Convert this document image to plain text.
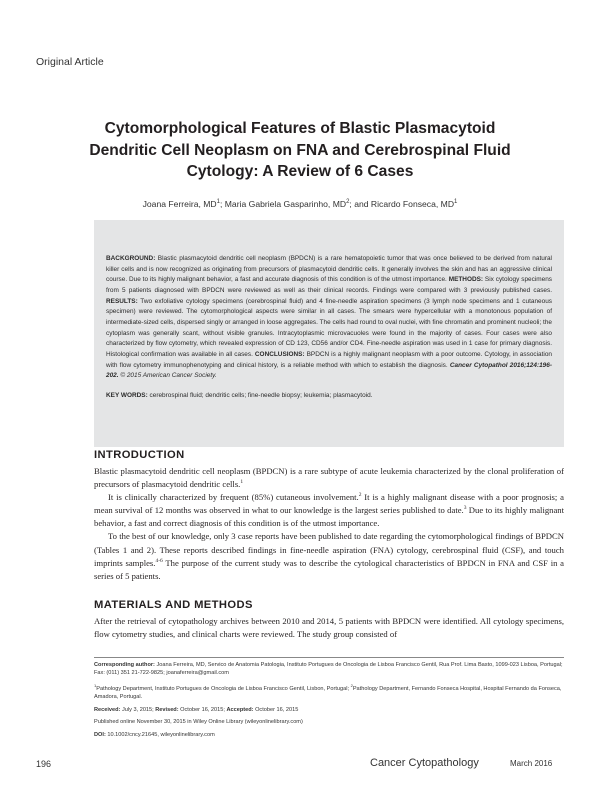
Original Article
Cytomorphological Features of Blastic Plasmacytoid
Dendritic Cell Neoplasm on FNA and Cerebrospinal Fluid
Cytology: A Review of 6 Cases
Joana Ferreira, $MD^1$; Maria Gabriela Gasparinho, $MD^2$; and Ricardo Fonseca, $MD^1$

BACKGROUND: Blastic plasmacytoid dendritic cell neoplasm (BPDCN) is a rare hematopoietic tumor that was once believed to be derived from natural killer cells and is now recognized as originating from precursors of plasmacytoid dendritic cells. It generally involves the skin and has an aggressive clinical course. Due to its highly malignant behavior, a fast and accurate diagnosis of this condition is of the utmost importance. METHODS: Six cytology specimens from 5 patients diagnosed with BPDCN were reviewed as well as their clinical records. Findings were compared with 3 previously published cases. RESULTS: Two exfoliative cytology specimens (cerebrospinal fluid) and 4 fine-needle aspiration specimens (3 lymph node specimens and 1 cutaneous specimen) were reviewed. The cytomorphological aspects were similar in all cases. The smears were hypercellular with a monotonous population of intermediate-sized cells, dispersed singly or arranged in loose aggregates. The cells had round to oval nuclei, with fine chromatin and prominent nucleoli; the cytoplasm was generally scant, without visible granules. Intracytoplasmic microvacuoles were found in the majority of cases. Four cases were also characterized by flow cytometry, which revealed expression of CD 123, CD56 and/or CD4. Fine-needle aspiration was used in 1 case for primary diagnosis. Histological confirmation was available in all cases. CONCLUSIONS: BPDCN is a highly malignant neoplasm with a poor outcome. Cytology, in association with flow cytometry immunophenotyping and clinical history, is a reliable method with which to establish the diagnosis. Cancer Cytopathol 2016;124:196-202. © 2015 American Cancer Society.

KEY WORDS: cerebrospinal fluid; dendritic cells; fine-needle biopsy; leukemia; plasmacytoid.

INTRODUCTION

Blastic plasmacytoid dendritic cell neoplasm (BPDCN) is a rare subtype of acute leukemia characterized by the clonal proliferation of precursors of plasmacytoid dendritic cells.$^1$

It is clinically characterized by frequent (85%) cutaneous involvement.$^2$ It is a highly malignant disease with a poor prognosis; a mean survival of 12 months was observed in what to our knowledge is the largest series published to date.$^3$ Due to its highly malignant behavior, a fast and correct diagnosis of this condition is of the utmost importance.

To the best of our knowledge, only 3 case reports have been published to date regarding the cytomorphological findings of BPDCN (Tables 1 and 2). These reports described findings in fine-needle aspiration (FNA) cytology, cerebrospinal fluid (CSF), and touch imprints samples.$^{4-6}$ The purpose of the current study was to describe the cytological characteristics of BPDCN in FNA and CSF in a series of 5 patients.

MATERIALS AND METHODS

After the retrieval of cytopathology archives between 2010 and 2014, 5 patients with BPDCN were identified. All cytology specimens, flow cytometry studies, and clinical charts were reviewed. The study group consisted of

Corresponding author: Joana Ferreira, MD, Servico de Anatomia Patologia, Instituto Portugues de Oncologia de Lisboa Francisco Gentil, Rua Prof. Lima Basto, 1099-023 Lisboa, Portugal; Fax: (011) 351 21-722-9825; joanaferreira@gmail.com

$^1$Pathology Department, Instituto Portugues de Oncologia de Lisboa Francisco Gentil, Lisbon, Portugal; $^2$Pathology Department, Fernando Fonseca Hospital, Hospital Fernando da Fonseca, Amadora, Portugal.

Received: July 3, 2015; Revised: October 16, 2015; Accepted: October 16, 2015

Published online November 30, 2015 in Wiley Online Library (wileyonlinelibrary.com)

DOI: 10.1002/cncy.21645, wileyonlinelibrary.com

196	Cancer Cytopathology	March 2016
